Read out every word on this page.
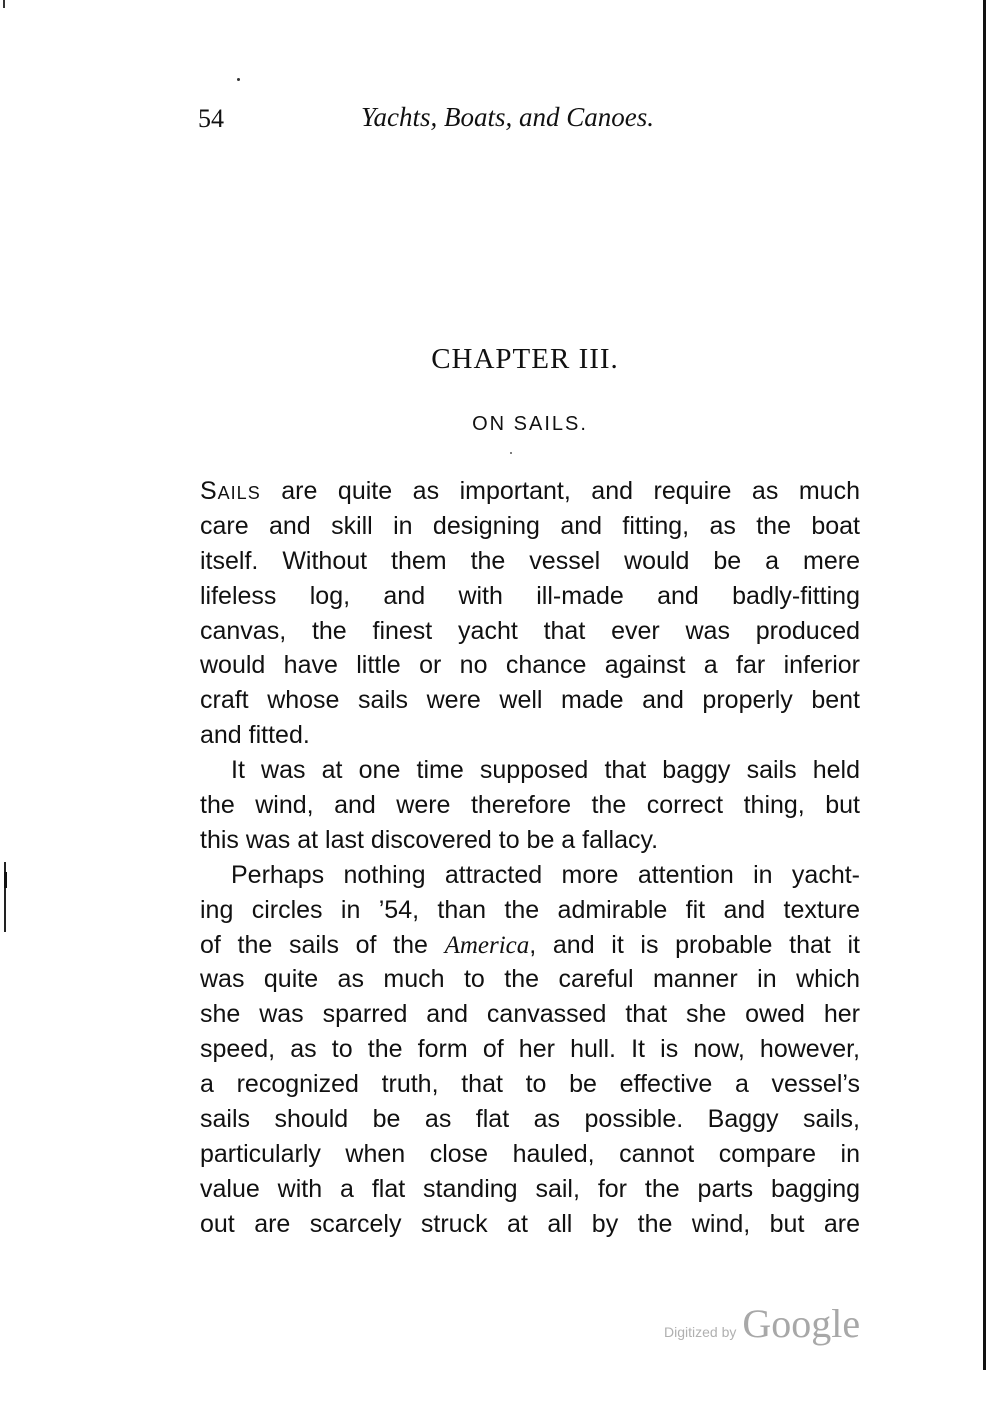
54	Yachts, Boats, and Canoes.
CHAPTER III.
ON SAILS.
Sails are quite as important, and require as much
care and skill in designing and fitting, as the boat
itself. Without them the vessel would be a mere
lifeless log, and with ill-made and badly-fitting
canvas, the finest yacht that ever was produced
would have little or no chance against a far inferior
craft whose sails were well made and properly bent
and fitted.
It was at one time supposed that baggy sails held
the wind, and were therefore the correct thing, but
this was at last discovered to be a fallacy.
Perhaps nothing attracted more attention in yacht-
ing circles in ’54, than the admirable fit and texture
of the sails of the America, and it is probable that it
was quite as much to the careful manner in which
she was sparred and canvassed that she owed her
speed, as to the form of her hull. It is now, however,
a recognized truth, that to be effective a vessel’s
sails should be as flat as possible. Baggy sails,
particularly when close hauled, cannot compare in
value with a flat standing sail, for the parts bagging
out are scarcely struck at all by the wind, but are
Digitized by Google
